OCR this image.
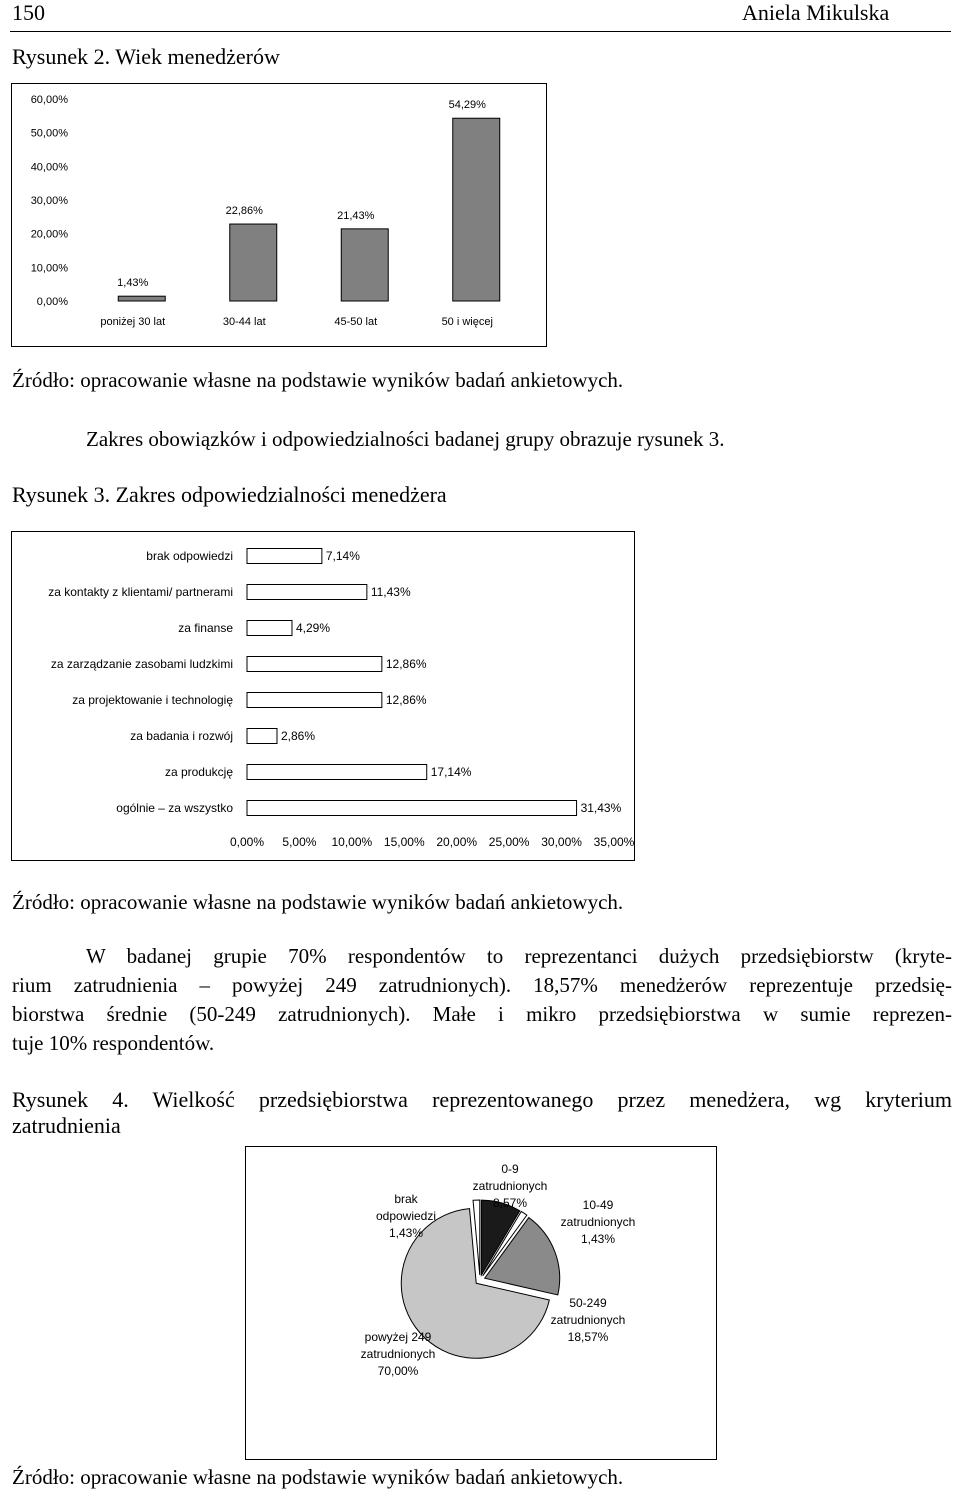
150	Aniela Mikulska
Rysunek 2. Wiek menedżerów
0,00%
10,00%
20,00%
30,00%
40,00%
50,00%
60,00%
1,43%
poniżej 30 lat
22,86%
30-44 lat
21,43%
45-50 lat
54,29%
50 i więcej
Źródło: opracowanie własne na podstawie wyników badań ankietowych.
Zakres obowiązków i odpowiedzialności badanej grupy obrazuje rysunek 3.
Rysunek 3. Zakres odpowiedzialności menedżera
brak odpowiedzi	7,14%
za kontakty z klientami/ partnerami	11,43%
za finanse	4,29%
za zarządzanie zasobami ludzkimi	12,86%
za projektowanie i technologię	12,86%
za badania i rozwój	2,86%
za produkcję	17,14%
ogólnie – za wszystko	31,43%
0,00% 5,00% 10,00% 15,00% 20,00% 25,00% 30,00% 35,00%
Źródło: opracowanie własne na podstawie wyników badań ankietowych.
W badanej grupie 70% respondentów to reprezentanci dużych przedsiębiorstw (kryte-
rium zatrudnienia – powyżej 249 zatrudnionych). 18,57% menedżerów reprezentuje przedsię-
biorstwa średnie (50-249 zatrudnionych). Małe i mikro przedsiębiorstwa w sumie reprezen-
tuje 10% respondentów.
Rysunek 4. Wielkość przedsiębiorstwa reprezentowanego przez menedżera, wg kryterium
zatrudnienia
0-9
zatrudnionych
8,57%	10-49
zatrudnionych
1,43%
50-249
zatrudnionych
18,57%
powyżej 249
zatrudnionych
70,00%
brak
odpowiedzi
1,43%
Źródło: opracowanie własne na podstawie wyników badań ankietowych.
